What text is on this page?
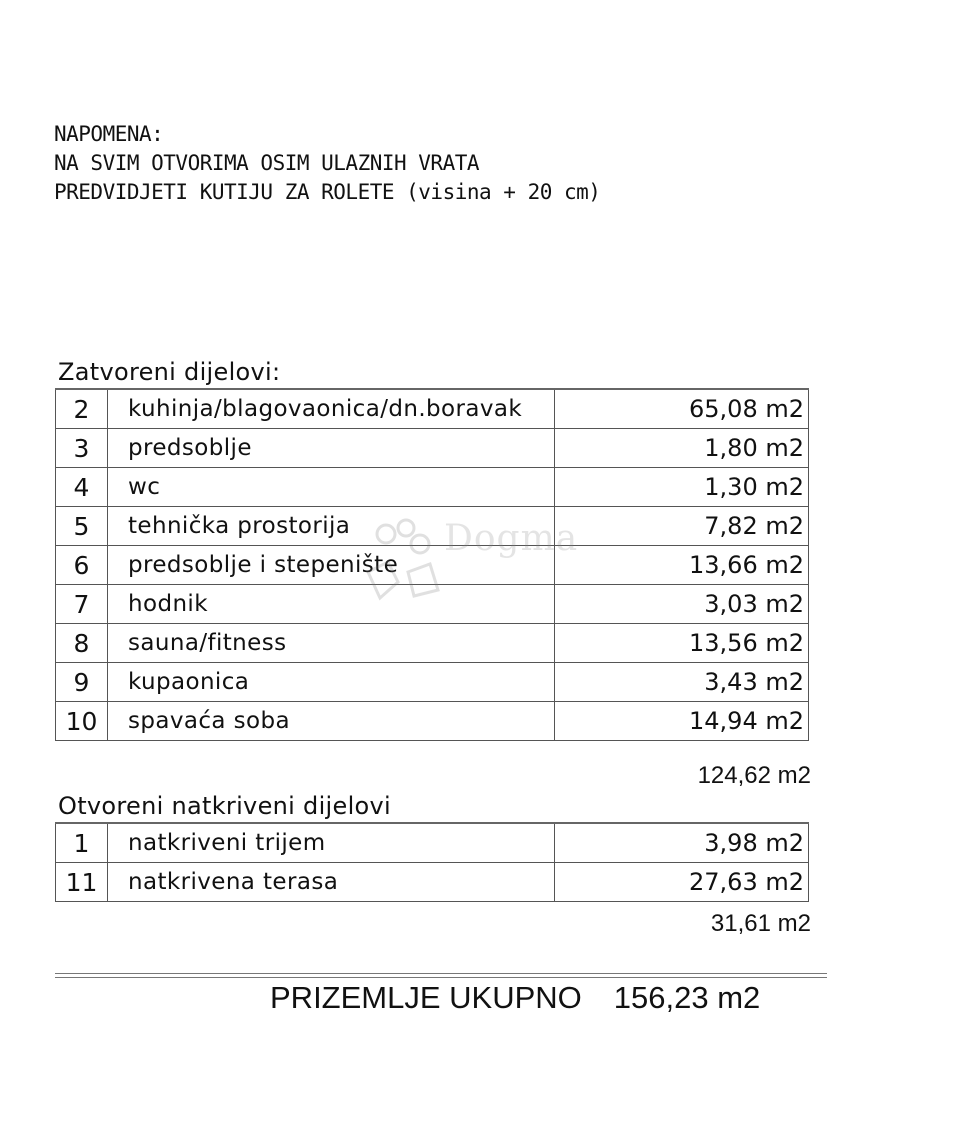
NAPOMENA:
NA SVIM OTVORIMA OSIM ULAZNIH VRATA
PREDVIDJETI KUTIJU ZA ROLETE (visina + 20 cm)
Zatvoreni dijelovi:
2	kuhinja/blagovaonica/dn.boravak	65,08 m2
3	predsoblje	1,80 m2
4	wc	1,30 m2
5	tehnička prostorija	7,82 m2
6	predsoblje i stepenište	13,66 m2
7	hodnik	3,03 m2
8	sauna/fitness	13,56 m2
9	kupaonica	3,43 m2
10	spavaća soba	14,94 m2
124,62 m2
Otvoreni natkriveni dijelovi
1	natkriveni trijem	3,98 m2
11	natkrivena terasa	27,63 m2
31,61 m2
PRIZEMLJE UKUPNO 156,23 m2
Dogma
